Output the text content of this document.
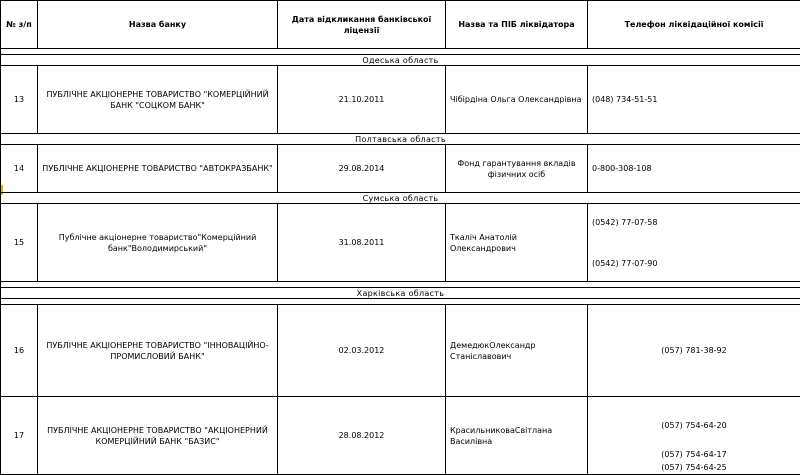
№ з/п	Назва банку	Дата відкликання банківської ліцензії	Назва та ПІБ ліквідатора	Телефон ліквідаційної комісії

Одеська область				
13	ПУБЛІЧНЕ АКЦІОНЕРНЕ ТОВАРИСТВО "КОМЕРЦІЙНИЙ БАНК "СОЦКОМ БАНК"	21.10.2011	Чібірдіна Ольга Олександрівна	(048) 734-51-51
Полтавська область				
14	ПУБЛІЧНЕ АКЦІОНЕРНЕ ТОВАРИСТВО "АВТОКРАЗБАНК"	29.08.2014	Фонд гарантування вкладів фізичних осіб	0-800-308-108
Сумська область				
15	Публічне акціонерне товариство"Комерційний банк"Володимирський"	31.08.2011	Ткаліч Анатолій Олександрович	(0542) 77-07-58
(0542) 77-07-90

Харківська область				

16	ПУБЛІЧНЕ АКЦІОНЕРНЕ ТОВАРИСТВО "ІННОВАЦІЙНО-ПРОМИСЛОВИЙ БАНК"	02.03.2012	ДемедюкОлександр Станіславович	(057) 781-38-92
17	ПУБЛІЧНЕ АКЦІОНЕРНЕ ТОВАРИСТВО "АКЦІОНЕРНИЙ КОМЕРЦІЙНИЙ БАНК "БАЗИС"	28.08.2012	КрасильниковаСвітлана Василівна	(057) 754-64-20
(057) 754-64-17
(057) 754-64-25
